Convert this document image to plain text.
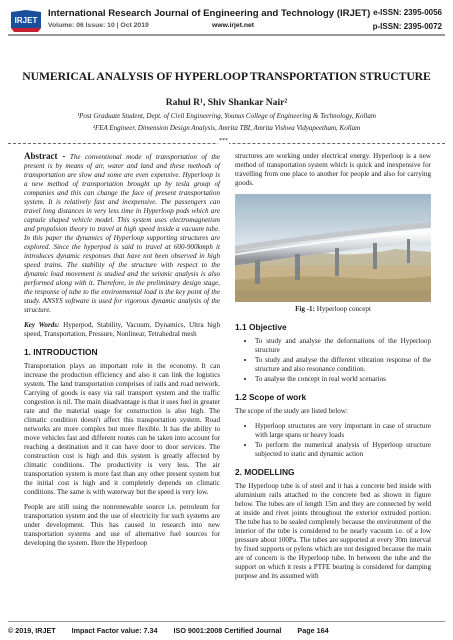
IRJET
International Research Journal of Engineering and Technology (IRJET)
Volume: 06 Issue: 10 | Oct 2019	www.irjet.net
e-ISSN: 2395-0056
p-ISSN: 2395-0072
NUMERICAL ANALYSIS OF HYPERLOOP TRANSPORTATION STRUCTURE
Rahul R¹, Shiv Shankar Nair²
¹Post Graduate Student, Dept. of Civil Engineering, Younus College of Engineering & Technology, Kollam
²FEA Engineer, Dimension Design Analysis, Amrita TBI, Amrita Vishwa Vidyapeetham, Kollam
***

Abstract - The conventional mode of transportation of the present is by means of air, water and land and these methods of transportation are slow and some are even expensive. Hyperloop is a new method of transportation brought up by tesla group of companies and this can change the face of present transportation system. It is relatively fast and inexpensive. The passengers can travel long distances in very less time in Hyperloop pods which are capsule shaped vehicle model. This system uses electromagnetism and propulsion theory to travel at high speed inside a vacuum tube. In this paper the dynamics of Hyperloop supporting structures are explored. Since the hyperpod is said to travel at 600-900kmph it introduces dynamic responses that have not been observed in high speed trains. The stability of the structure with respect to the dynamic load movement is studied and the seismic analysis is also performed along with it. Therefore, in the preliminary design stage, the response of tube to the environmental load is the key point of the study. ANSYS software is used for vigorous dynamic analysis of the structure.

Key Words: Hyperpod, Stability, Vacuum, Dynamics, Ultra high speed, Transportation, Pressure, Nonlinear, Tetrahedral mesh

1. INTRODUCTION

Transportation plays an important role in the economy. It can increase the production efficiency and also it can link the logistics system. The land transportation comprises of rails and road network. Carrying of goods is easy via rail transport system and the traffic congestion is nil. The main disadvantage is that it uses fuel in greater rate and the material usage for construction is also high. The climatic condition doesn't affect this transportation system. Road networks are more complex but more flexible. It has the ability to move vehicles fast and different routes can be taken into account for reaching a destination and it can have door to door services. The construction cost is high and this system is greatly affected by climatic conditions. The productivity is very less. The air transportation system is more fast than any other present system but the initial cost is high and it completely depends on climatic conditions. The same is with waterway but the speed is very low.

People are still using the nonrenewable source i.e. petroleum for transportation system and the use of electricity for such systems are under development. This has caused in research into new transportation systems and use of alternative fuel sources for developing the system. Here the Hyperloop

structures are working under electrical energy. Hyperloop is a new method of transportation system which is quick and inexpensive for travelling from one place to another for people and also for carrying goods.

Fig -1: Hyperloop concept
1.1 Objective
• To study and analyse the deformations of the Hyperloop structure
• To study and analyse the different vibration response of the structure and also resonance condition.
• To analyse the concept in real world scenarios
1.2 Scope of work

The scope of the study are listed below:

• Hyperloop structures are very important in case of structure with large spans or heavy loads
• To perform the numerical analysis of Hyperloop structure subjected to static and dynamic action
2. MODELLING

The Hyperloop tube is of steel and it has a concrete bed inside with aluminium rails attached to the concrete bed as shown in figure below. The tubes are of length 15m and they are connected by weld at inside and rivet joints throughout the exterior extruded portion. The tube has to be sealed completely because the environment of the interior of the tube is considered to be nearly vacuum i.e. of a low pressure about 100Pa. The tubes are supported at every 30m interval by fixed supports or pylons which are not designed because the main are of concern is the Hyperloop tube. In between the tube and the support on which it rests a PTFE bearing is considered for damping purpose and its assumed with

© 2019, IRJET Impact Factor value: 7.34 ISO 9001:2008 Certified Journal Page 164
